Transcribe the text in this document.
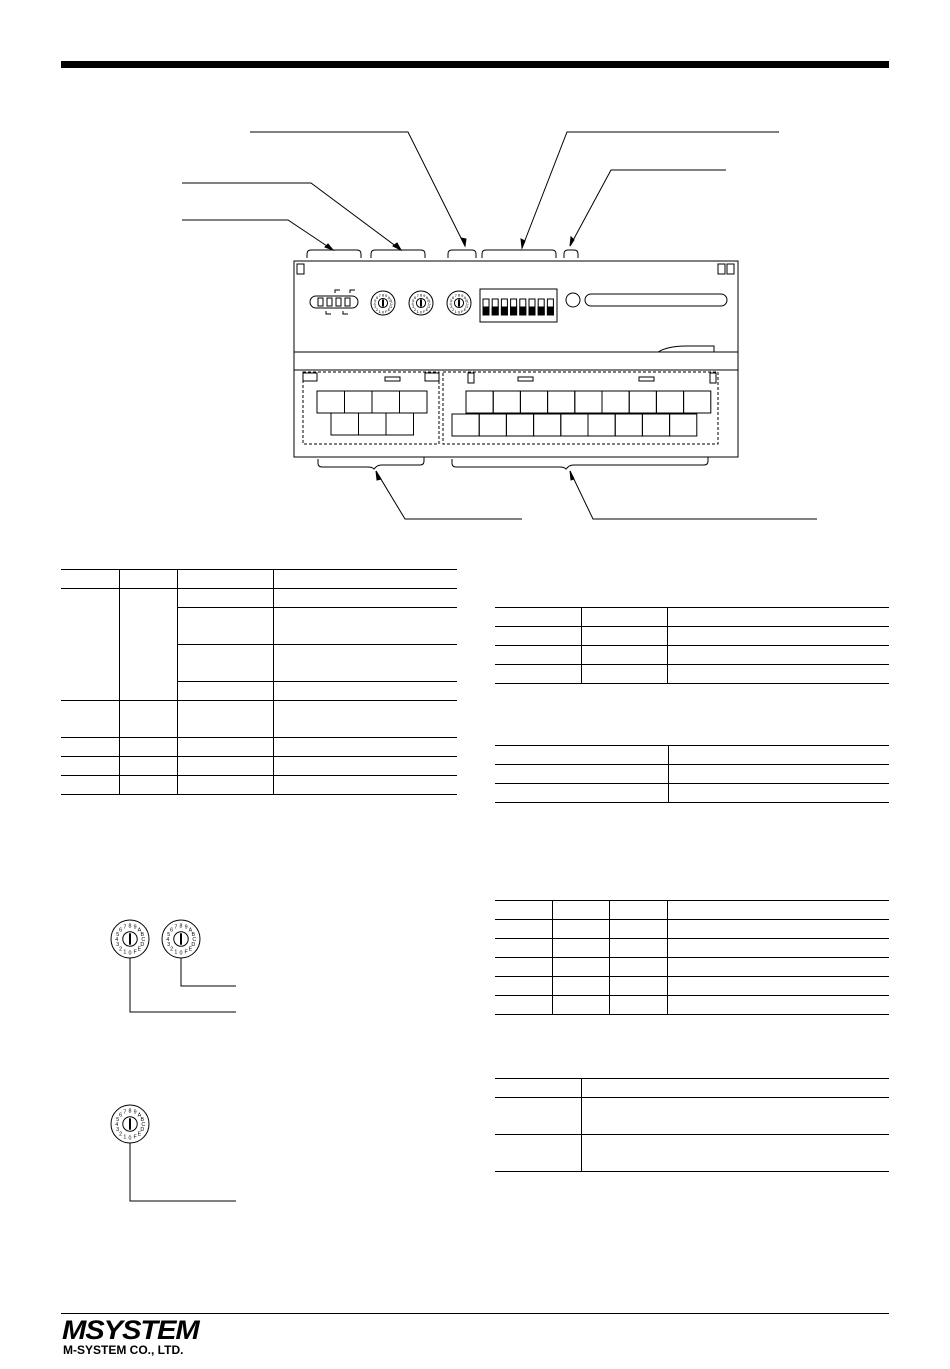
0
1
2
3
4
5
6 7 8 9 A
B
C
D
E
F	0
1
2
3
4
5
6 7 8 9 A
B
C
D
E
F	0
1
2
3
4
5
6 7 8 9 A
B
C
D
E
F
0
1
2
3
4
5
6 7 8 9 A
B
C
D
E
F	0
1
2
3
4
5
6 7 8 9 A
B
C
D
E
F
0
1
2
3
4
5
6 7 8 9 A
B
C
D
E
F

MSYSTEM
M-SYSTEM CO., LTD.
